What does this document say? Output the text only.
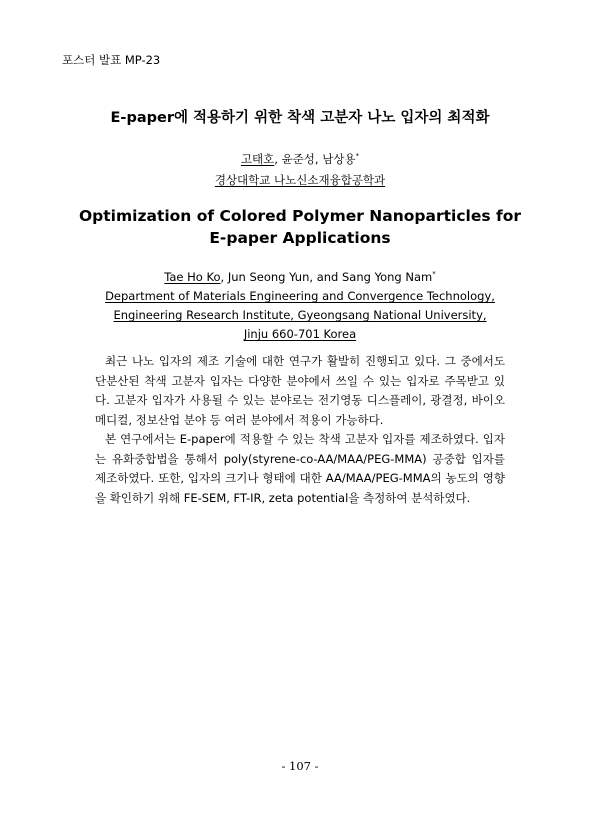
포스터 발표 MP-23
E-paper에 적용하기 위한 착색 고분자 나노 입자의 최적화
고태호, 윤준성, 남상용*
경상대학교 나노신소재융합공학과
Optimization of Colored Polymer Nanoparticles for E-paper Applications
Tae Ho Ko, Jun Seong Yun, and Sang Yong Nam*
Department of Materials Engineering and Convergence Technology,
Engineering Research Institute, Gyeongsang National University,
Jinju 660-701 Korea

최근 나노 입자의 제조 기술에 대한 연구가 활발히 진행되고 있다. 그 중에서도 단분산된 착색 고분자 입자는 다양한 분야에서 쓰일 수 있는 입자로 주목받고 있다. 고분자 입자가 사용될 수 있는 분야로는 전기영동 디스플레이, 광결정, 바이오 메디컬, 정보산업 분야 등 여러 분야에서 적용이 가능하다.

본 연구에서는 E-paper에 적용할 수 있는 착색 고분자 입자를 제조하였다. 입자는 유화중합법을 통해서 poly(styrene-co-AA/MAA/PEG-MMA) 공중합 입자를 제조하였다. 또한, 입자의 크기나 형태에 대한 AA/MAA/PEG-MMA의 농도의 영향을 확인하기 위해 FE-SEM, FT-IR, zeta potential을 측정하여 분석하였다.

- 107 -
